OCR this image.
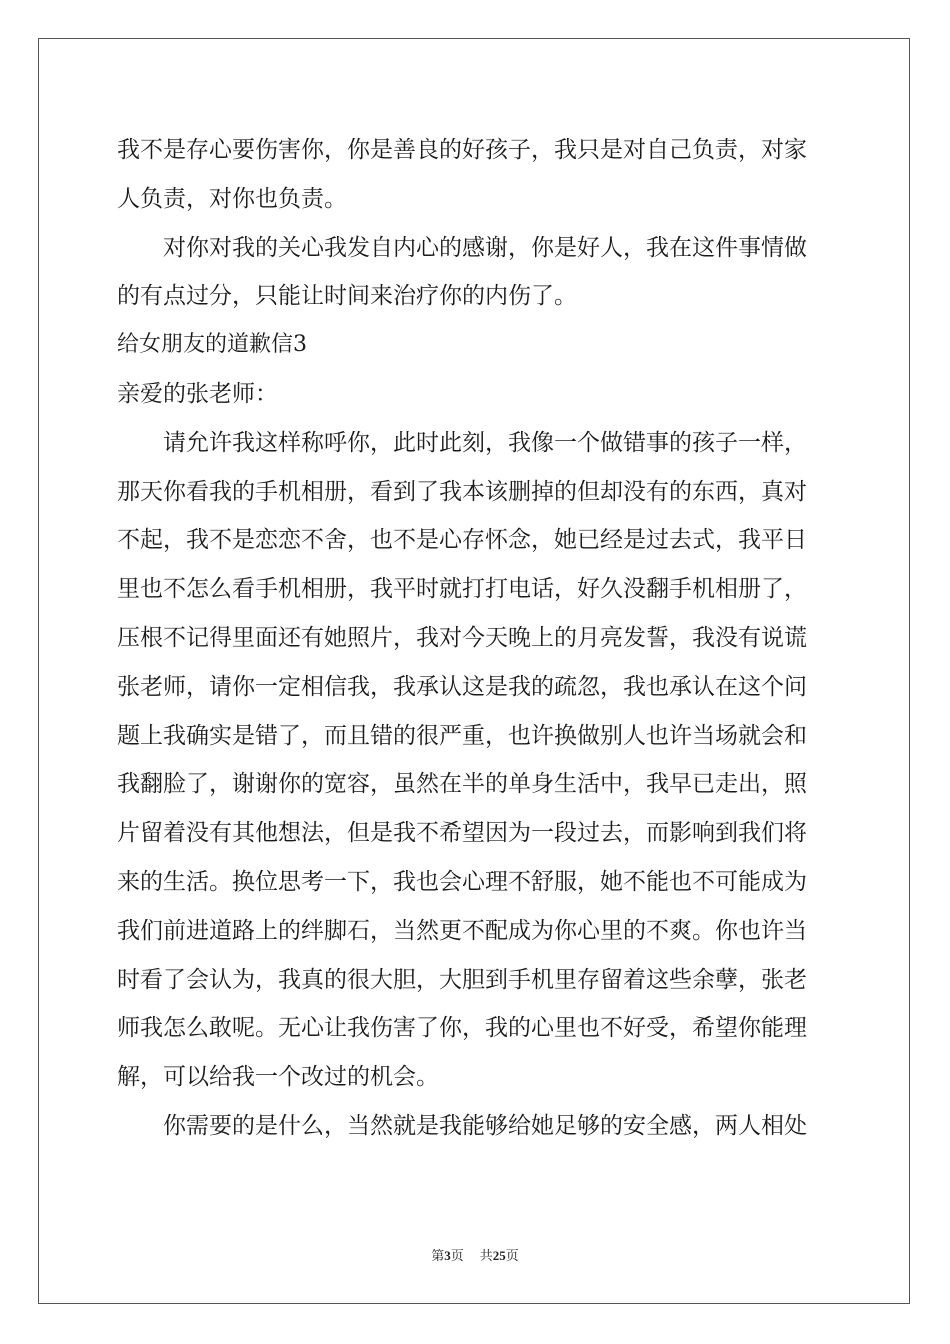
我不是存心要伤害你，你是善良的好孩子，我只是对自己负责，对家
人负责，对你也负责。
　　对你对我的关心我发自内心的感谢，你是好人，我在这件事情做
的有点过分，只能让时间来治疗你的内伤了。
给女朋友的道歉信3
亲爱的张老师：
　　请允许我这样称呼你，此时此刻，我像一个做错事的孩子一样，
那天你看我的手机相册，看到了我本该删掉的但却没有的东西，真对
不起，我不是恋恋不舍，也不是心存怀念，她已经是过去式，我平日
里也不怎么看手机相册，我平时就打打电话，好久没翻手机相册了，
压根不记得里面还有她照片，我对今天晚上的月亮发誓，我没有说谎
张老师，请你一定相信我，我承认这是我的疏忽，我也承认在这个问
题上我确实是错了，而且错的很严重，也许换做别人也许当场就会和
我翻脸了，谢谢你的宽容，虽然在半的单身生活中，我早已走出，照
片留着没有其他想法，但是我不希望因为一段过去，而影响到我们将
来的生活。换位思考一下，我也会心理不舒服，她不能也不可能成为
我们前进道路上的绊脚石，当然更不配成为你心里的不爽。你也许当
时看了会认为，我真的很大胆，大胆到手机里存留着这些余孽，张老
师我怎么敢呢。无心让我伤害了你，我的心里也不好受，希望你能理
解，可以给我一个改过的机会。
　　你需要的是什么，当然就是我能够给她足够的安全感，两人相处
第3页 共25页
